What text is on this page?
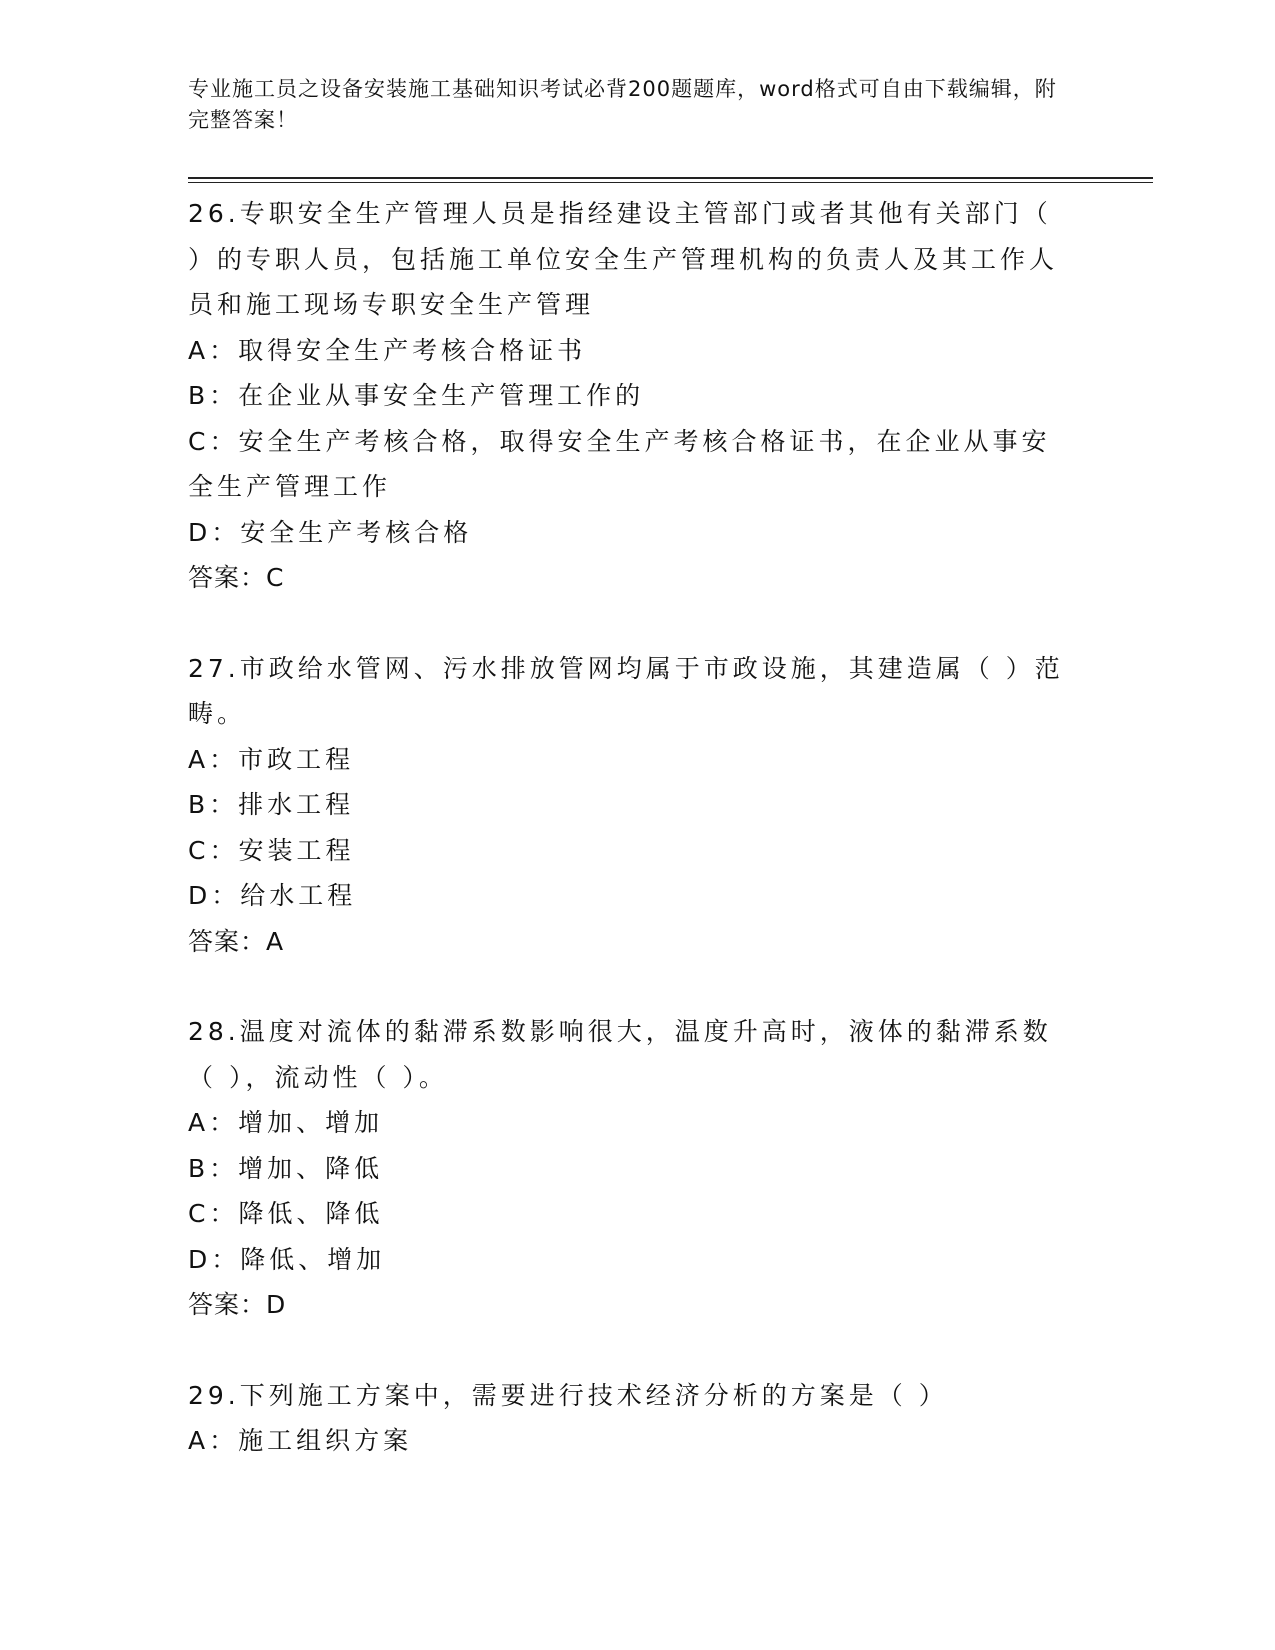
专业施工员之设备安装施工基础知识考试必背200题题库，word格式可自由下载编辑，附完整答案！

26.专职安全生产管理人员是指经建设主管部门或者其他有关部门（ ）的专职人员，包括施工单位安全生产管理机构的负责人及其工作人员和施工现场专职安全生产管理

A：取得安全生产考核合格证书

B：在企业从事安全生产管理工作的

C：安全生产考核合格，取得安全生产考核合格证书，在企业从事安全生产管理工作

D：安全生产考核合格

答案：C

27.市政给水管网、污水排放管网均属于市政设施，其建造属（ ）范畴。

A：市政工程

B：排水工程

C：安装工程

D：给水工程

答案：A

28.温度对流体的黏滞系数影响很大，温度升高时，液体的黏滞系数（ ），流动性（ ）。

A：增加、增加

B：增加、降低

C：降低、降低

D：降低、增加

答案：D

29.下列施工方案中，需要进行技术经济分析的方案是（ ）

A：施工组织方案
